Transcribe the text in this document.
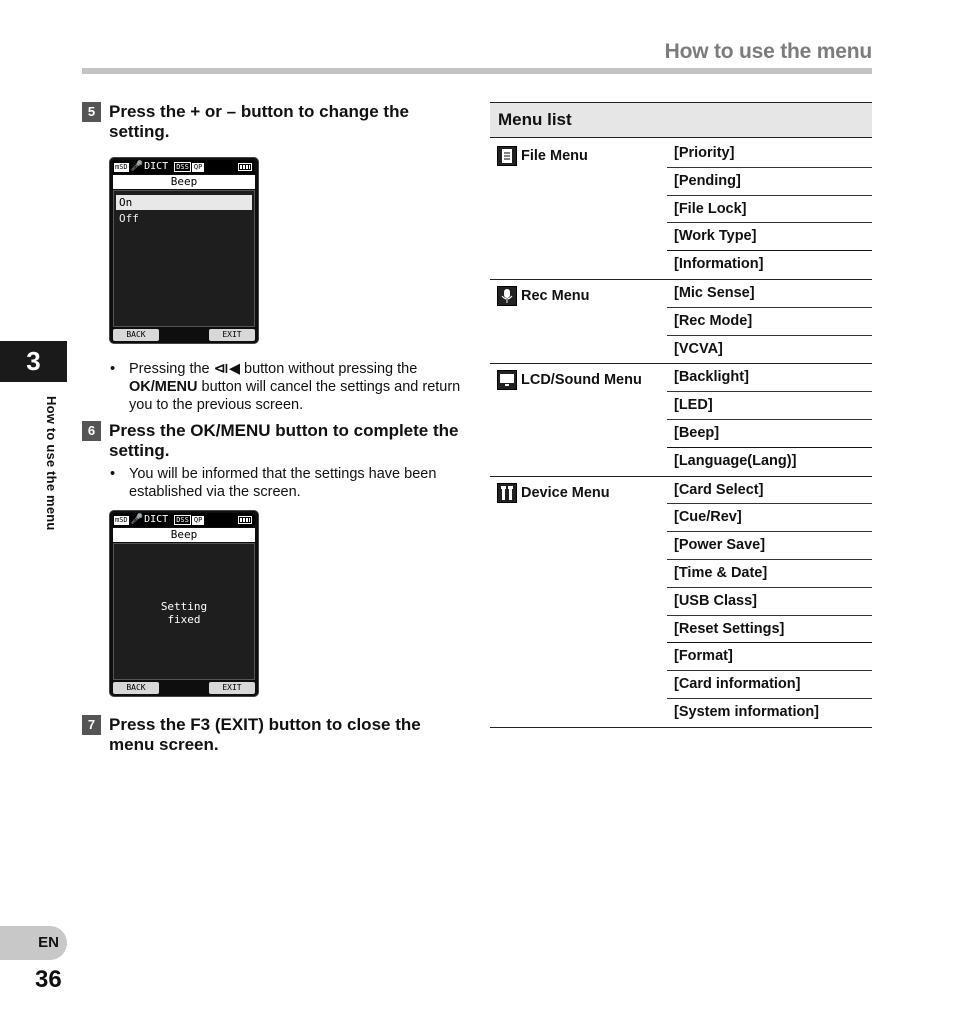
How to use the menu
3
How to use the menu
EN
36
5 Press the + or – button to change the setting.
mSD 🎤 DICT DSS QP
Beep
On
Off
BACK	EXIT
• Pressing the ⧏◀ button without pressing the OK/MENU button will cancel the settings and return you to the previous screen.
6 Press the OK/MENU button to complete the setting.
• You will be informed that the settings have been established via the screen.
mSD 🎤 DICT DSS QP
Beep
Setting
fixed
BACK	EXIT
7 Press the F3 (EXIT) button to close the menu screen.
Menu list
File Menu	[Priority]
[Pending]
[File Lock]
[Work Type]
[Information]
Rec Menu	[Mic Sense]
[Rec Mode]
[VCVA]
LCD/Sound Menu	[Backlight]
[LED]
[Beep]
[Language(Lang)]
Device Menu	[Card Select]
[Cue/Rev]
[Power Save]
[Time & Date]
[USB Class]
[Reset Settings]
[Format]
[Card information]
[System information]
